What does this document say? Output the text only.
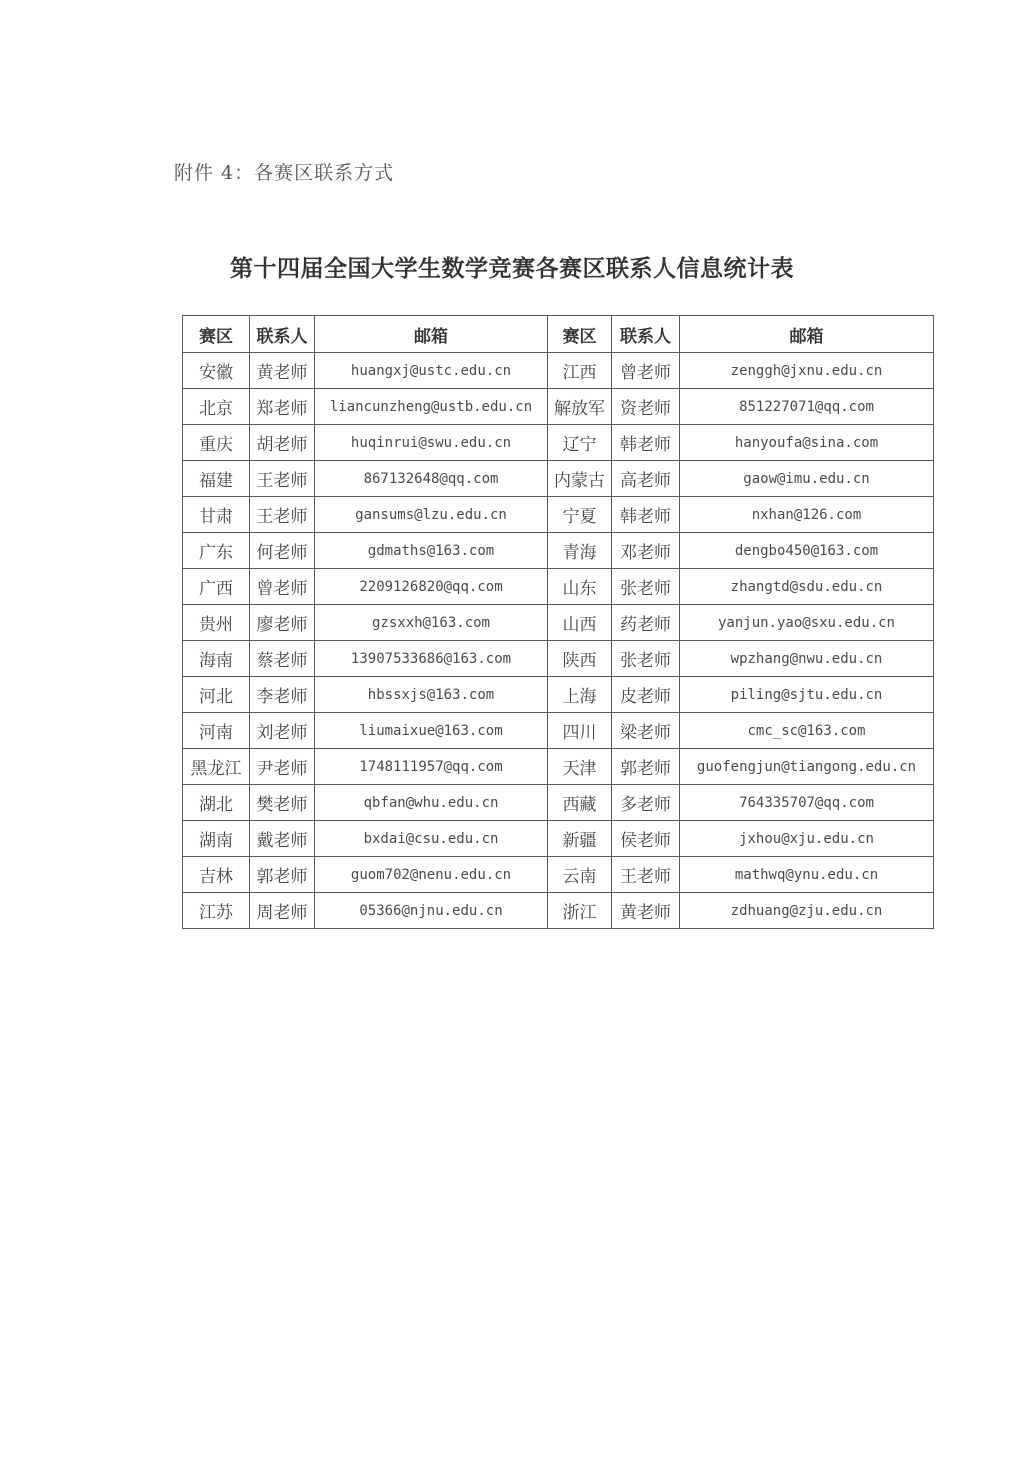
附件 4：各赛区联系方式
第十四届全国大学生数学竞赛各赛区联系人信息统计表
赛区	联系人	邮箱	赛区	联系人	邮箱
安徽	黄老师	huangxj@ustc.edu.cn	江西	曾老师	zenggh@jxnu.edu.cn
北京	郑老师	liancunzheng@ustb.edu.cn	解放军	资老师	851227071@qq.com
重庆	胡老师	huqinrui@swu.edu.cn	辽宁	韩老师	hanyoufa@sina.com
福建	王老师	867132648@qq.com	内蒙古	高老师	gaow@imu.edu.cn
甘肃	王老师	gansums@lzu.edu.cn	宁夏	韩老师	nxhan@126.com
广东	何老师	gdmaths@163.com	青海	邓老师	dengbo450@163.com
广西	曾老师	2209126820@qq.com	山东	张老师	zhangtd@sdu.edu.cn
贵州	廖老师	gzsxxh@163.com	山西	药老师	yanjun.yao@sxu.edu.cn
海南	蔡老师	13907533686@163.com	陕西	张老师	wpzhang@nwu.edu.cn
河北	李老师	hbssxjs@163.com	上海	皮老师	piling@sjtu.edu.cn
河南	刘老师	liumaixue@163.com	四川	梁老师	cmc_sc@163.com
黑龙江	尹老师	1748111957@qq.com	天津	郭老师	guofengjun@tiangong.edu.cn
湖北	樊老师	qbfan@whu.edu.cn	西藏	多老师	764335707@qq.com
湖南	戴老师	bxdai@csu.edu.cn	新疆	侯老师	jxhou@xju.edu.cn
吉林	郭老师	guom702@nenu.edu.cn	云南	王老师	mathwq@ynu.edu.cn
江苏	周老师	05366@njnu.edu.cn	浙江	黄老师	zdhuang@zju.edu.cn
